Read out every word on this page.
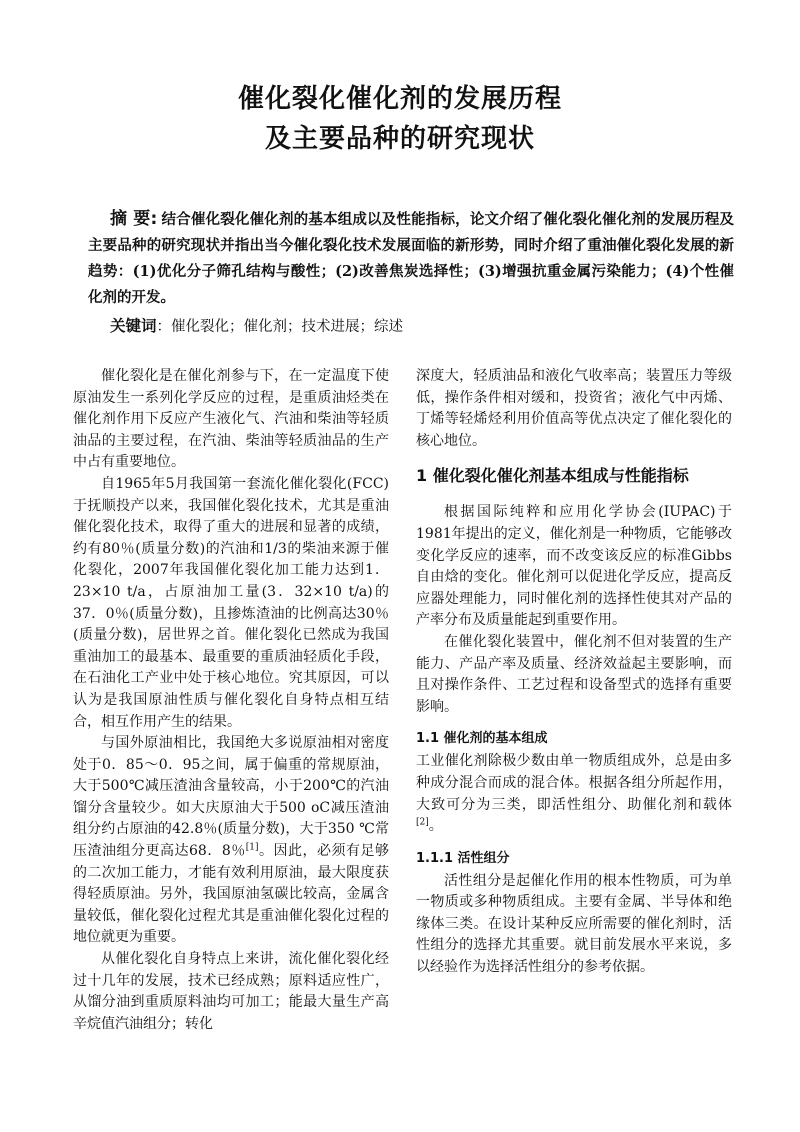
催化裂化催化剂的发展历程
及主要品种的研究现状

摘 要: 结合催化裂化催化剂的基本组成以及性能指标，论文介绍了催化裂化催化剂的发展历程及主要品种的研究现状并指出当今催化裂化技术发展面临的新形势，同时介绍了重油催化裂化发展的新趋势：(1)优化分子筛孔结构与酸性；(2)改善焦炭选择性；(3)增强抗重金属污染能力；(4)个性催化剂的开发。

关键词：催化裂化；催化剂；技术进展；综述

催化裂化是在催化剂参与下，在一定温度下使原油发生一系列化学反应的过程，是重质油烃类在催化剂作用下反应产生液化气、汽油和柴油等轻质油品的主要过程，在汽油、柴油等轻质油品的生产中占有重要地位。

自1965年5月我国第一套流化催化裂化(FCC)于抚顺投产以来，我国催化裂化技术，尤其是重油催化裂化技术，取得了重大的进展和显著的成绩，约有80％(质量分数)的汽油和1/3的柴油来源于催化裂化，2007年我国催化裂化加工能力达到1．23×10 t/a，占原油加工量(3．32×10 t/a)的37．0％(质量分数)，且掺炼渣油的比例高达30％ (质量分数)，居世界之首。催化裂化已然成为我国重油加工的最基本、最重要的重质油轻质化手段，在石油化工产业中处于核心地位。究其原因，可以认为是我国原油性质与催化裂化自身特点相互结合，相互作用产生的结果。

与国外原油相比，我国绝大多说原油相对密度处于0．85～0．95之间，属于偏重的常规原油，大于500℃减压渣油含量较高，小于200℃的汽油馏分含量较少。如大庆原油大于500 oC减压渣油组分约占原油的42.8％(质量分数)，大于350 ℃常压渣油组分更高达68．8％[1]。因此，必须有足够的二次加工能力，才能有效利用原油，最大限度获得轻质原油。另外，我国原油氢碳比较高，金属含量较低，催化裂化过程尤其是重油催化裂化过程的地位就更为重要。

从催化裂化自身特点上来讲，流化催化裂化经过十几年的发展，技术已经成熟；原料适应性广，从馏分油到重质原料油均可加工；能最大量生产高辛烷值汽油组分；转化

深度大，轻质油品和液化气收率高；装置压力等级低，操作条件相对缓和，投资省；液化气中丙烯、丁烯等轻烯烃利用价值高等优点决定了催化裂化的核心地位。

1 催化裂化催化剂基本组成与性能指标

根据国际纯粹和应用化学协会(IUPAC)于1981年提出的定义，催化剂是一种物质，它能够改变化学反应的速率，而不改变该反应的标准Gibbs自由焓的变化。催化剂可以促进化学反应，提高反应器处理能力，同时催化剂的选择性使其对产品的产率分布及质量能起到重要作用。

在催化裂化装置中，催化剂不但对装置的生产能力、产品产率及质量、经济效益起主要影响，而且对操作条件、工艺过程和设备型式的选择有重要影响。

1.1 催化剂的基本组成

工业催化剂除极少数由单一物质组成外，总是由多种成分混合而成的混合体。根据各组分所起作用，大致可分为三类，即活性组分、助催化剂和载体[2]。

1.1.1 活性组分

活性组分是起催化作用的根本性物质，可为单一物质或多种物质组成。主要有金属、半导体和绝缘体三类。在设计某种反应所需要的催化剂时，活性组分的选择尤其重要。就目前发展水平来说，多以经验作为选择活性组分的参考依据。
